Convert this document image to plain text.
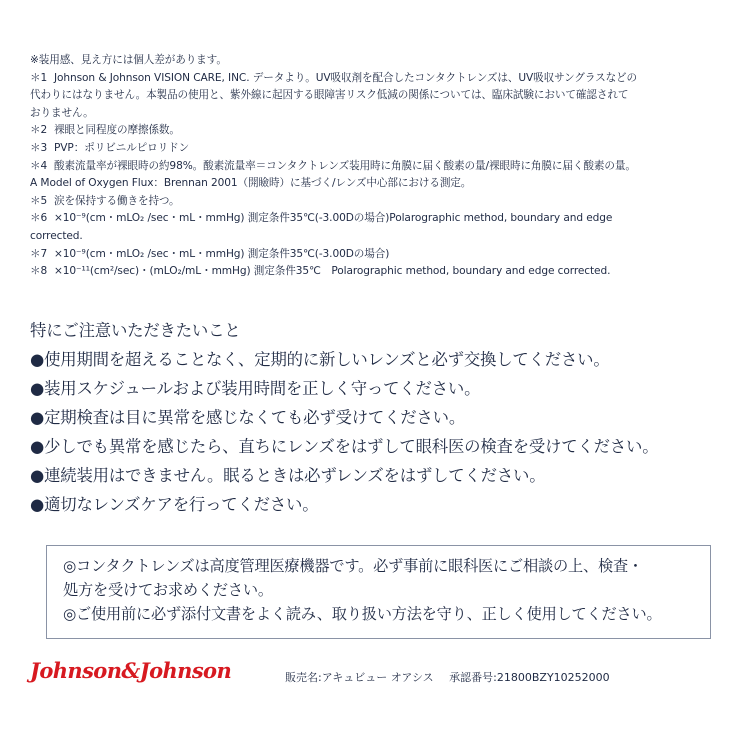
※装用感、見え方には個人差があります。
＊1 Johnson & Johnson VISION CARE, INC. データより。UV吸収剤を配合したコンタクトレンズは、UV吸収サングラスなどの
代わりにはなりません。本製品の使用と、紫外線に起因する眼障害リスク低減の関係については、臨床試験において確認されて
おりません。
＊2 裸眼と同程度の摩擦係数。
＊3 PVP：ポリビニルピロリドン
＊4 酸素流量率が裸眼時の約98%。酸素流量率＝コンタクトレンズ装用時に角膜に届く酸素の量/裸眼時に角膜に届く酸素の量。
A Model of Oxygen Flux：Brennan 2001（開瞼時）に基づく/レンズ中心部における測定。
＊5 涙を保持する働きを持つ。
＊6 ×10⁻⁹(cm・mLO₂ /sec・mL・mmHg) 測定条件35℃(-3.00Dの場合)Polarographic method, boundary and edge
corrected.
＊7 ×10⁻⁹(cm・mLO₂ /sec・mL・mmHg) 測定条件35℃(-3.00Dの場合)
＊8 ×10⁻¹¹(cm²/sec)・(mLO₂/mL・mmHg) 測定条件35℃　Polarographic method, boundary and edge corrected.
特にご注意いただきたいこと
●使用期間を超えることなく、定期的に新しいレンズと必ず交換してください。
●装用スケジュールおよび装用時間を正しく守ってください。
●定期検査は目に異常を感じなくても必ず受けてください。
●少しでも異常を感じたら、直ちにレンズをはずして眼科医の検査を受けてください。
●連続装用はできません。眠るときは必ずレンズをはずしてください。
●適切なレンズケアを行ってください。
◎コンタクトレンズは高度管理医療機器です。必ず事前に眼科医にご相談の上、検査・
処方を受けてお求めください。
◎ご使用前に必ず添付文書をよく読み、取り扱い方法を守り、正しく使用してください。
Johnson&Johnson	販売名:アキュビュー オアシス 承認番号:21800BZY10252000
